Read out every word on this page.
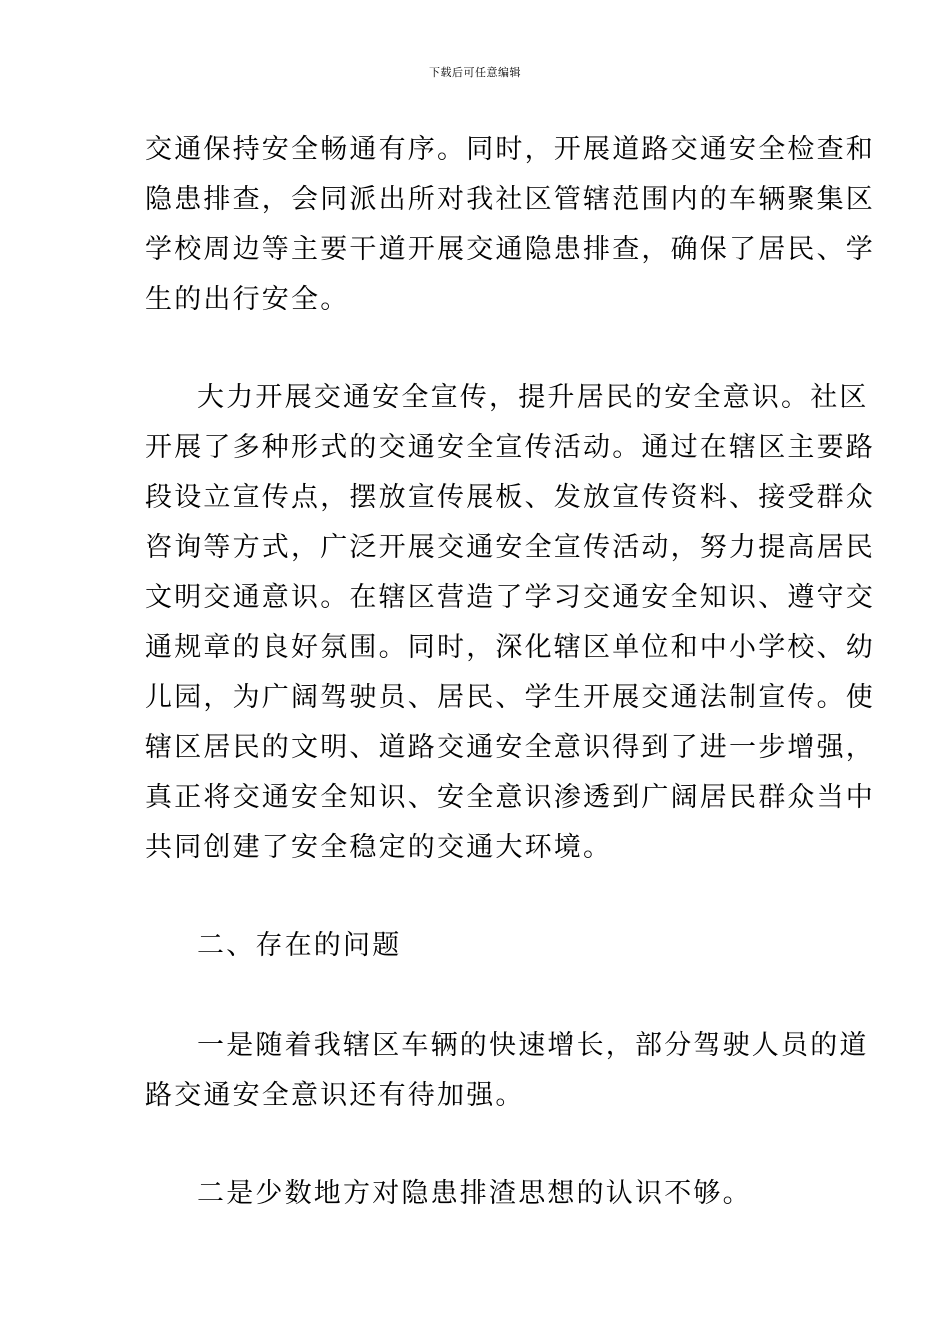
下载后可任意编辑
交通保持安全畅通有序。同时，开展道路交通安全检查和
隐患排查，会同派出所对我社区管辖范围内的车辆聚集区
学校周边等主要干道开展交通隐患排查，确保了居民、学
生的出行安全。
大力开展交通安全宣传，提升居民的安全意识。社区
开展了多种形式的交通安全宣传活动。通过在辖区主要路
段设立宣传点，摆放宣传展板、发放宣传资料、接受群众
咨询等方式，广泛开展交通安全宣传活动，努力提高居民
文明交通意识。在辖区营造了学习交通安全知识、遵守交
通规章的良好氛围。同时，深化辖区单位和中小学校、幼
儿园，为广阔驾驶员、居民、学生开展交通法制宣传。使
辖区居民的文明、道路交通安全意识得到了进一步增强，
真正将交通安全知识、安全意识渗透到广阔居民群众当中
共同创建了安全稳定的交通大环境。
二、存在的问题
一是随着我辖区车辆的快速增长，部分驾驶人员的道
路交通安全意识还有待加强。
二是少数地方对隐患排渣思想的认识不够。
